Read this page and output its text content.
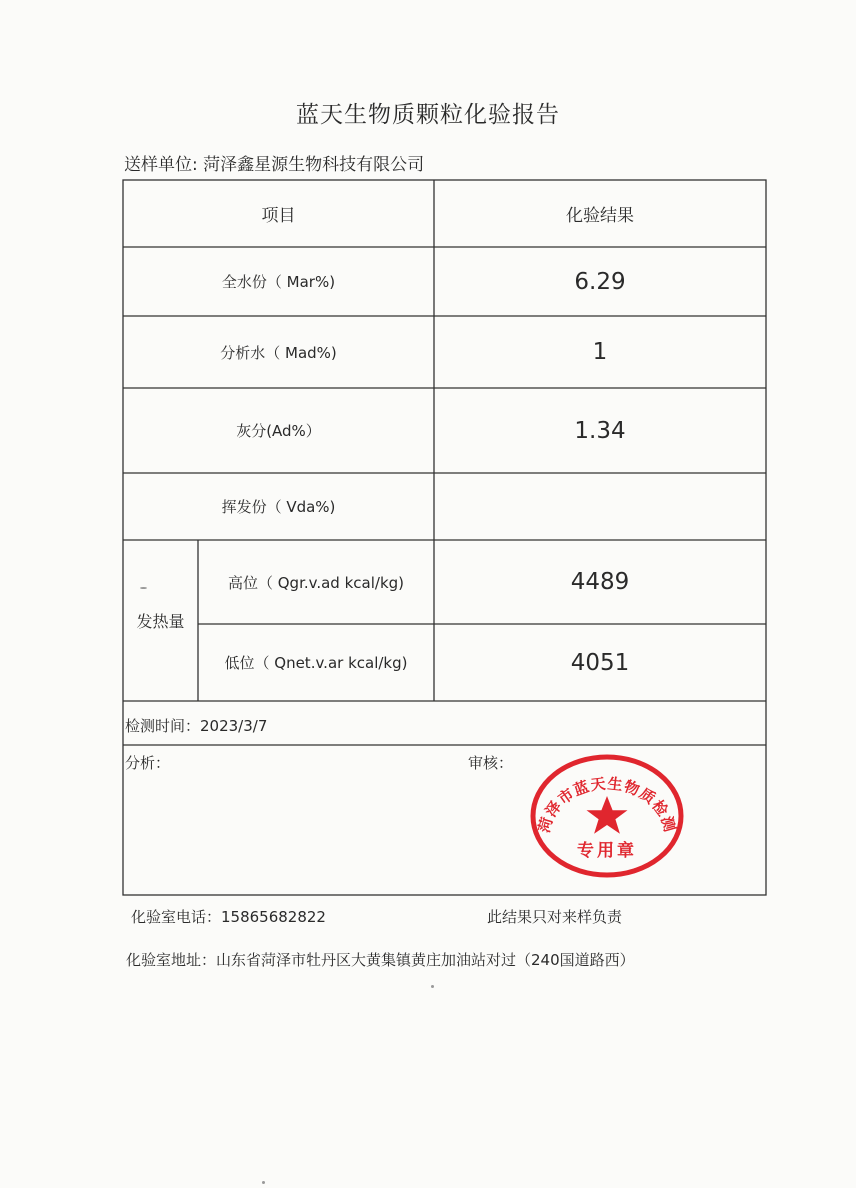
蓝天生物质颗粒化验报告
送样单位: 菏泽鑫星源生物科技有限公司
项目	化验结果
全水份（ Mar%)	6.29
分析水（ Mad%)	1
灰分(Ad%）	1.34
挥发份（ Vda%)
发热量
高位（ Qgr.v.ad kcal/kg)	4489
低位（ Qnet.v.ar kcal/kg)	4051
检测时间：2023/3/7
分析：	审核：
菏泽市蓝天生物质检测
专用章
化验室电话：15865682822	此结果只对来样负责
化验室地址：山东省菏泽市牡丹区大黄集镇黄庄加油站对过（240国道路西）
